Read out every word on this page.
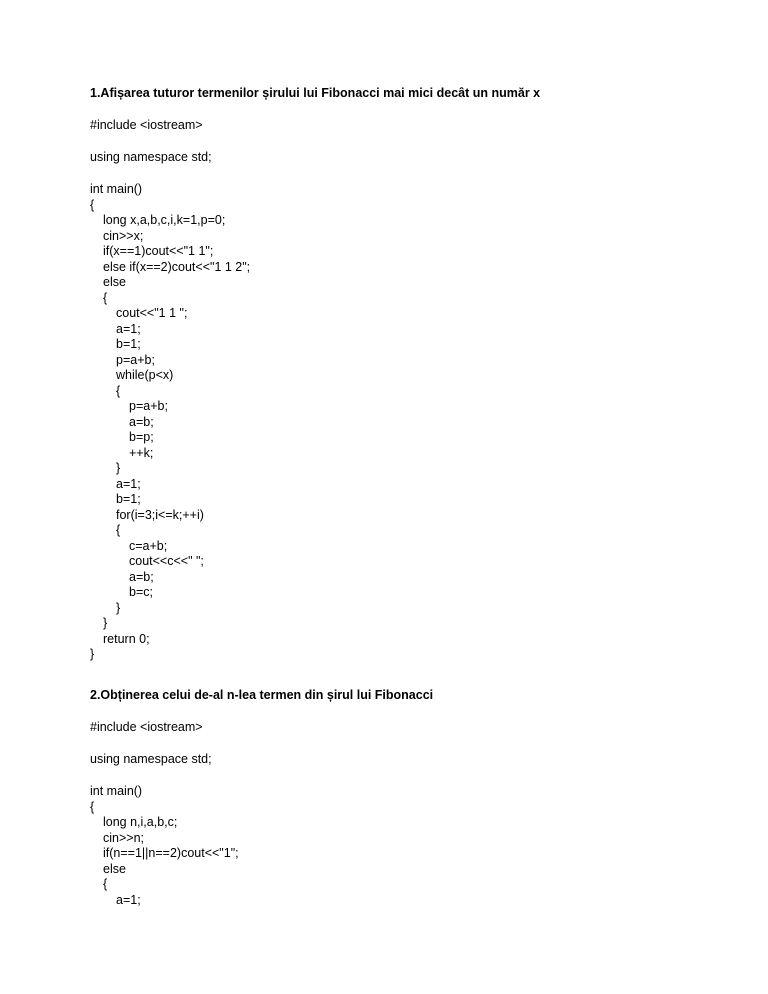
1.Afișarea tuturor termenilor șirului lui Fibonacci mai mici decât un număr x
#include <iostream>
using namespace std;
int main()
{
long x,a,b,c,i,k=1,p=0;
cin>>x;
if(x==1)cout<<"1 1";
else if(x==2)cout<<"1 1 2";
else
{
cout<<"1 1 ";
a=1;
b=1;
p=a+b;
while(p<x)
{
p=a+b;
a=b;
b=p;
++k;
}
a=1;
b=1;
for(i=3;i<=k;++i)
{
c=a+b;
cout<<c<<" ";
a=b;
b=c;
}
}
return 0;
}
2.Obținerea celui de-al n-lea termen din șirul lui Fibonacci
#include <iostream>
using namespace std;
int main()
{
long n,i,a,b,c;
cin>>n;
if(n==1||n==2)cout<<"1";
else
{
a=1;
